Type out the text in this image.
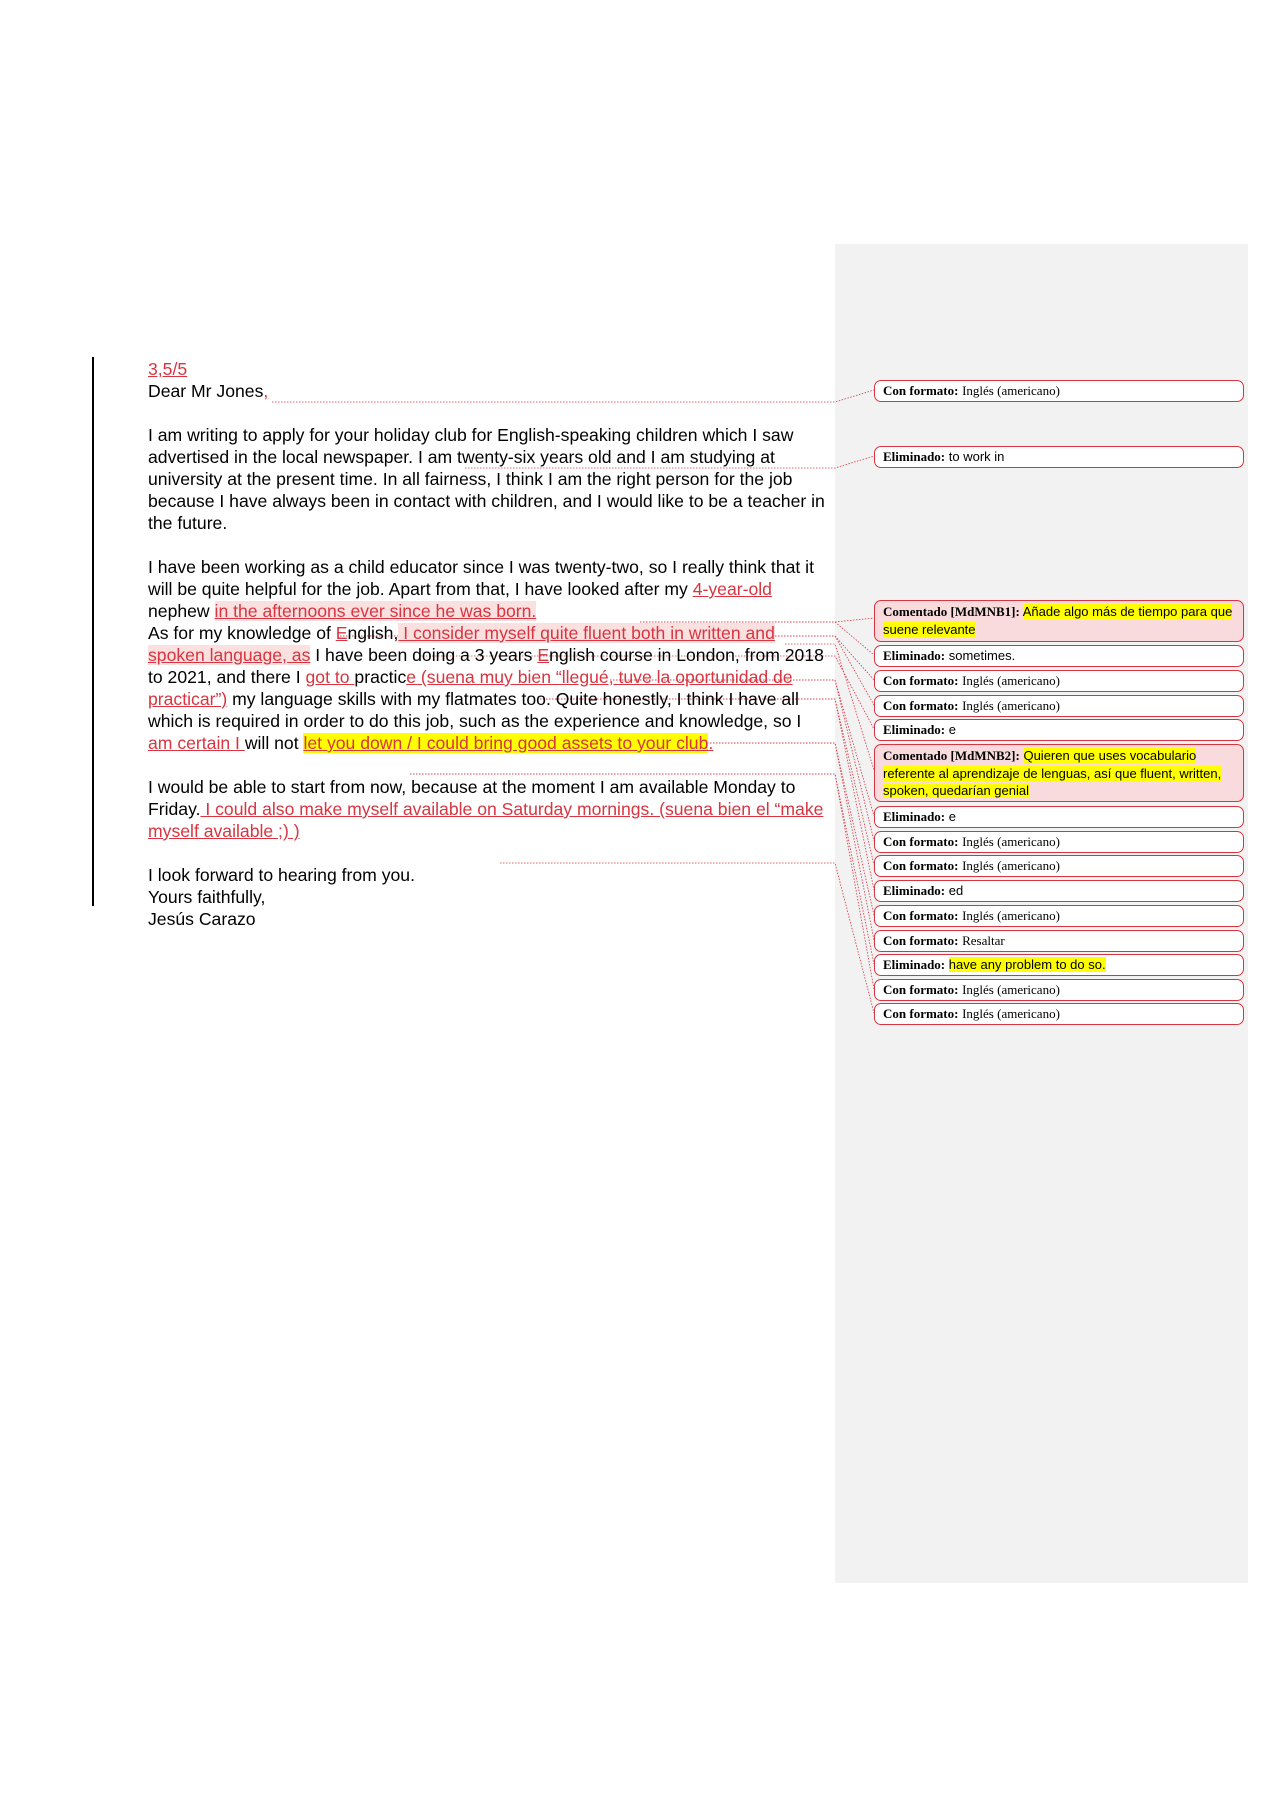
3,5/5

Dear Mr Jones,

I am writing to apply for your holiday club for English-speaking children which I saw advertised in the local newspaper. I am twenty-six years old and I am studying at university at the present time. In all fairness, I think I am the right person for the job because I have always been in contact with children, and I would like to be a teacher in the future.

I have been working as a child educator since I was twenty-two, so I really think that it will be quite helpful for the job. Apart from that, I have looked after my 4-year-old nephew in the afternoons ever since he was born.
As for my knowledge of English, I consider myself quite fluent both in written and spoken language, as I have been doing a 3 years English course in London, from 2018 to 2021, and there I got to practice (suena muy bien “llegué, tuve la oportunidad de practicar”) my language skills with my flatmates too. Quite honestly, I think I have all which is required in order to do this job, such as the experience and knowledge, so I am certain I will not let you down / I could bring good assets to your club.

I would be able to start from now, because at the moment I am available Monday to Friday. I could also make myself available on Saturday mornings. (suena bien el “make myself available ;) )

I look forward to hearing from you.

Yours faithfully,

Jesús Carazo

Con formato: Inglés (americano)
Eliminado: to work in
Comentado [MdMNB1]: Añade algo más de tiempo para que suene relevante
Eliminado: sometimes.
Con formato: Inglés (americano)
Con formato: Inglés (americano)
Eliminado: e
Comentado [MdMNB2]: Quieren que uses vocabulario referente al aprendizaje de lenguas, así que fluent, written, spoken, quedarían genial
Eliminado: e
Con formato: Inglés (americano)
Con formato: Inglés (americano)
Eliminado: ed
Con formato: Inglés (americano)
Con formato: Resaltar
Eliminado: have any problem to do so.
Con formato: Inglés (americano)
Con formato: Inglés (americano)
